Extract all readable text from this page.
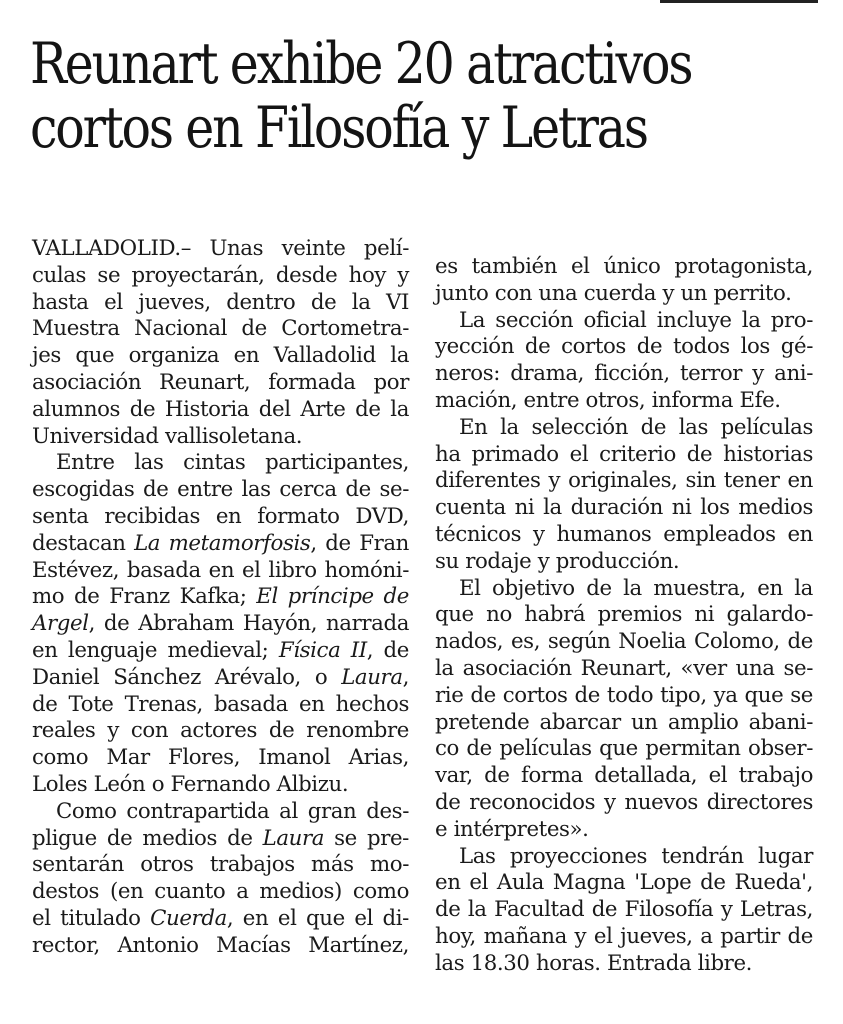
Reunart exhibe 20 atractivos
cortos en Filosofía y Letras

VALLADOLID.– Unas veinte pelí-
culas se proyectarán, desde hoy y
hasta el jueves, dentro de la VI
Muestra Nacional de Cortometra-
jes que organiza en Valladolid la
asociación Reunart, formada por
alumnos de Historia del Arte de la
Universidad vallisoletana.

Entre las cintas participantes,
escogidas de entre las cerca de se-
senta recibidas en formato DVD,
destacan La metamorfosis, de Fran
Estévez, basada en el libro homóni-
mo de Franz Kafka; El príncipe de
Argel, de Abraham Hayón, narrada
en lenguaje medieval; Física II, de
Daniel Sánchez Arévalo, o Laura,
de Tote Trenas, basada en hechos
reales y con actores de renombre
como Mar Flores, Imanol Arias,
Loles León o Fernando Albizu.

Como contrapartida al gran des-
pligue de medios de Laura se pre-
sentarán otros trabajos más mo-
destos (en cuanto a medios) como
el titulado Cuerda, en el que el di-
rector, Antonio Macías Martínez,

es también el único protagonista,
junto con una cuerda y un perrito.

La sección oficial incluye la pro-
yección de cortos de todos los gé-
neros: drama, ficción, terror y ani-
mación, entre otros, informa Efe.

En la selección de las películas
ha primado el criterio de historias
diferentes y originales, sin tener en
cuenta ni la duración ni los medios
técnicos y humanos empleados en
su rodaje y producción.

El objetivo de la muestra, en la
que no habrá premios ni galardo-
nados, es, según Noelia Colomo, de
la asociación Reunart, «ver una se-
rie de cortos de todo tipo, ya que se
pretende abarcar un amplio abani-
co de películas que permitan obser-
var, de forma detallada, el trabajo
de reconocidos y nuevos directores
e intérpretes».

Las proyecciones tendrán lugar
en el Aula Magna 'Lope de Rueda',
de la Facultad de Filosofía y Letras,
hoy, mañana y el jueves, a partir de
las 18.30 horas. Entrada libre.
